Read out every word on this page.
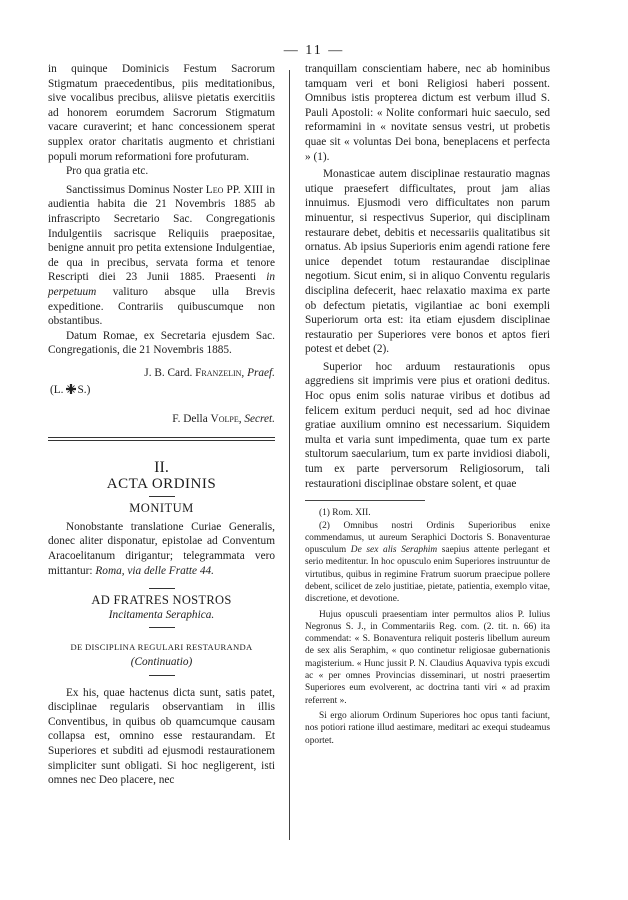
— 11 —

in quinque Dominicis Festum Sacrorum Stigmatum praecedentibus, piis meditationibus, sive vocalibus precibus, aliisve pietatis exercitiis ad honorem eorumdem Sacrorum Stigmatum vacare curaverint; et hanc concessionem sperat supplex orator charitatis augmento et christiani populi morum reformationi fore profuturam.

Pro qua gratia etc.

Sanctissimus Dominus Noster Leo PP. XIII in audientia habita die 21 Novembris 1885 ab infrascripto Secretario Sac. Congregationis Indulgentiis sacrisque Reliquiis praepositae, benigne annuit pro petita extensione Indulgentiae, de qua in precibus, servata forma et tenore Rescripti diei 23 Junii 1885. Praesenti in perpetuum valituro absque ulla Brevis expeditione. Contrariis quibuscumque non obstantibus.

Datum Romae, ex Secretaria ejusdem Sac. Congregationis, die 21 Novembris 1885.

J. B. Card. Franzelin, Praef.

(L. S.)

F. Della Volpe, Secret.

II.
ACTA ORDINIS
MONITUM

Nonobstante translatione Curiae Generalis, donec aliter disponatur, epistolae ad Conventum Aracoelitanum dirigantur; telegrammata vero mittantur: Roma, via delle Fratte 44.

AD FRATRES NOSTROS
Incitamenta Seraphica.
DE DISCIPLINA REGULARI RESTAURANDA
(Continuatio)

Ex his, quae hactenus dicta sunt, satis patet, disciplinae regularis observantiam in illis Conventibus, in quibus ob quamcumque causam collapsa est, omnino esse restaurandam. Et Superiores et subditi ad ejusmodi restaurationem simpliciter sunt obligati. Si hoc negligerent, isti omnes nec Deo placere, nec

tranquillam conscientiam habere, nec ab hominibus tamquam veri et boni Religiosi haberi possent. Omnibus istis propterea dictum est verbum illud S. Pauli Apostoli: « Nolite conformari huic saeculo, sed reformamini in « novitate sensus vestri, ut probetis quae sit « voluntas Dei bona, beneplacens et perfecta » (1).

Monasticae autem disciplinae restauratio magnas utique praesefert difficultates, prout jam alias innuimus. Ejusmodi vero difficultates non parum minuentur, si respectivus Superior, qui disciplinam restaurare debet, debitis et necessariis qualitatibus sit ornatus. Ab ipsius Superioris enim agendi ratione fere unice dependet totum restaurandae disciplinae negotium. Sicut enim, si in aliquo Conventu regularis disciplina defecerit, haec relaxatio maxima ex parte ob defectum pietatis, vigilantiae ac boni exempli Superiorum orta est: ita etiam ejusdem disciplinae restauratio per Superiores vere bonos et aptos fieri potest et debet (2).

Superior hoc arduum restaurationis opus aggrediens sit imprimis vere pius et orationi deditus. Hoc opus enim solis naturae viribus et dotibus ad felicem exitum perduci nequit, sed ad hoc divinae gratiae auxilium omnino est necessarium. Siquidem multa et varia sunt impedimenta, quae tum ex parte stultorum saecularium, tum ex parte invidiosi diaboli, tum ex parte perversorum Religiosorum, tali restaurationi disciplinae obstare solent, et quae

(1) Rom. XII.

(2) Omnibus nostri Ordinis Superioribus enixe commendamus, ut aureum Seraphici Doctoris S. Bonaventurae opusculum De sex alis Seraphim saepius attente perlegant et serio meditentur. In hoc opusculo enim Superiores instruuntur de virtutibus, quibus in regimine Fratrum suorum praecipue pollere debent, scilicet de zelo justitiae, pietate, patientia, exemplo vitae, discretione, et devotione.

Hujus opusculi praesentiam inter permultos alios P. Iulius Negronus S. J., in Commentariis Reg. com. (2. tit. n. 66) ita commendat: « S. Bonaventura reliquit posteris libellum aureum de sex alis Seraphim, « quo continetur religiosae gubernationis magisterium. « Hunc jussit P. N. Claudius Aquaviva typis excudi ac « per omnes Provincias disseminari, ut nostri praesertim Superiores eum evolverent, ac doctrina tanti viri « ad praxim referrent ».

Si ergo aliorum Ordinum Superiores hoc opus tanti faciunt, nos potiori ratione illud aestimare, meditari ac exequi studeamus oportet.
